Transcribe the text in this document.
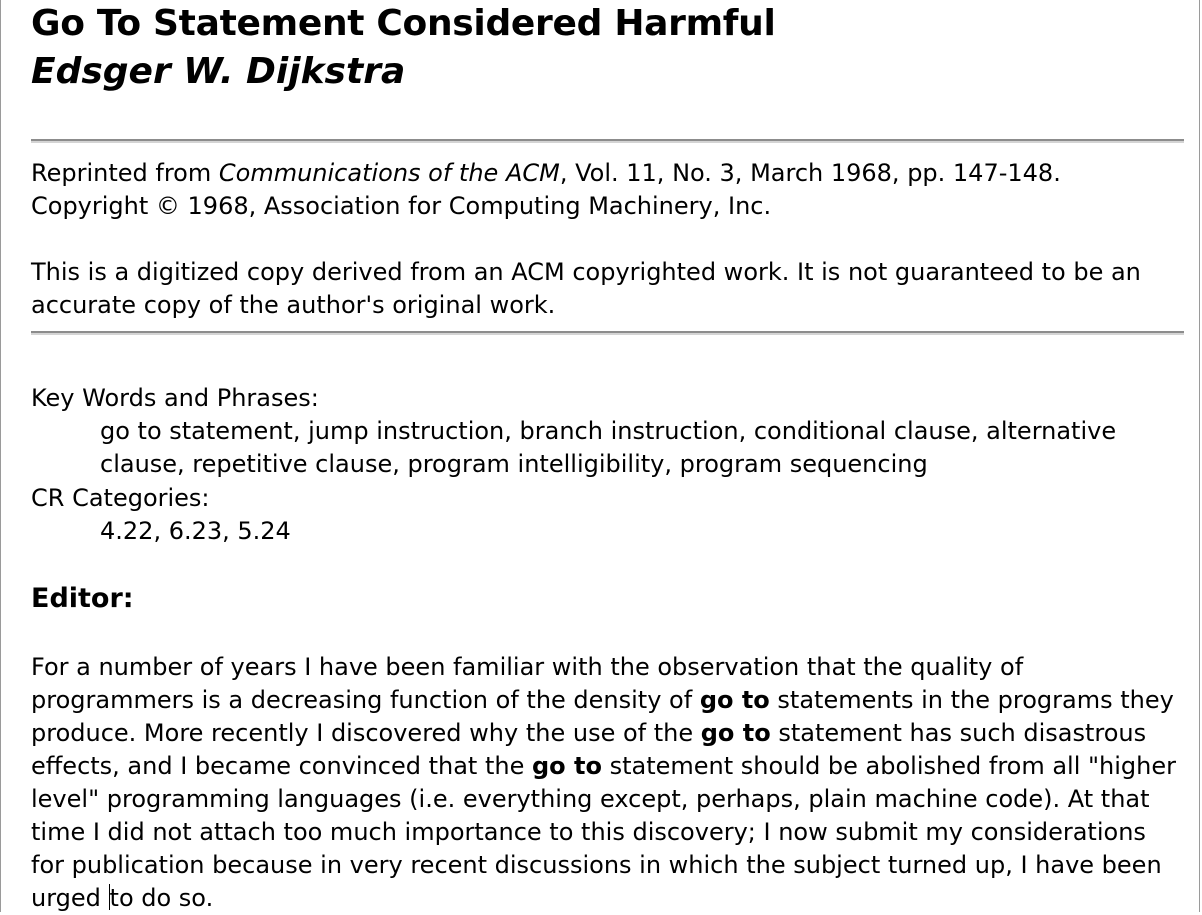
Go To Statement Considered Harmful
Edsger W. Dijkstra
Reprinted from Communications of the ACM, Vol. 11, No. 3, March 1968, pp. 147-148.
Copyright © 1968, Association for Computing Machinery, Inc.
This is a digitized copy derived from an ACM copyrighted work. It is not guaranteed to be an
accurate copy of the author's original work.
Key Words and Phrases:
go to statement, jump instruction, branch instruction, conditional clause, alternative
clause, repetitive clause, program intelligibility, program sequencing
CR Categories:
4.22, 6.23, 5.24
Editor:
For a number of years I have been familiar with the observation that the quality of
programmers is a decreasing function of the density of go to statements in the programs they
produce. More recently I discovered why the use of the go to statement has such disastrous
effects, and I became convinced that the go to statement should be abolished from all "higher
level" programming languages (i.e. everything except, perhaps, plain machine code). At that
time I did not attach too much importance to this discovery; I now submit my considerations
for publication because in very recent discussions in which the subject turned up, I have been
urged to do so.
